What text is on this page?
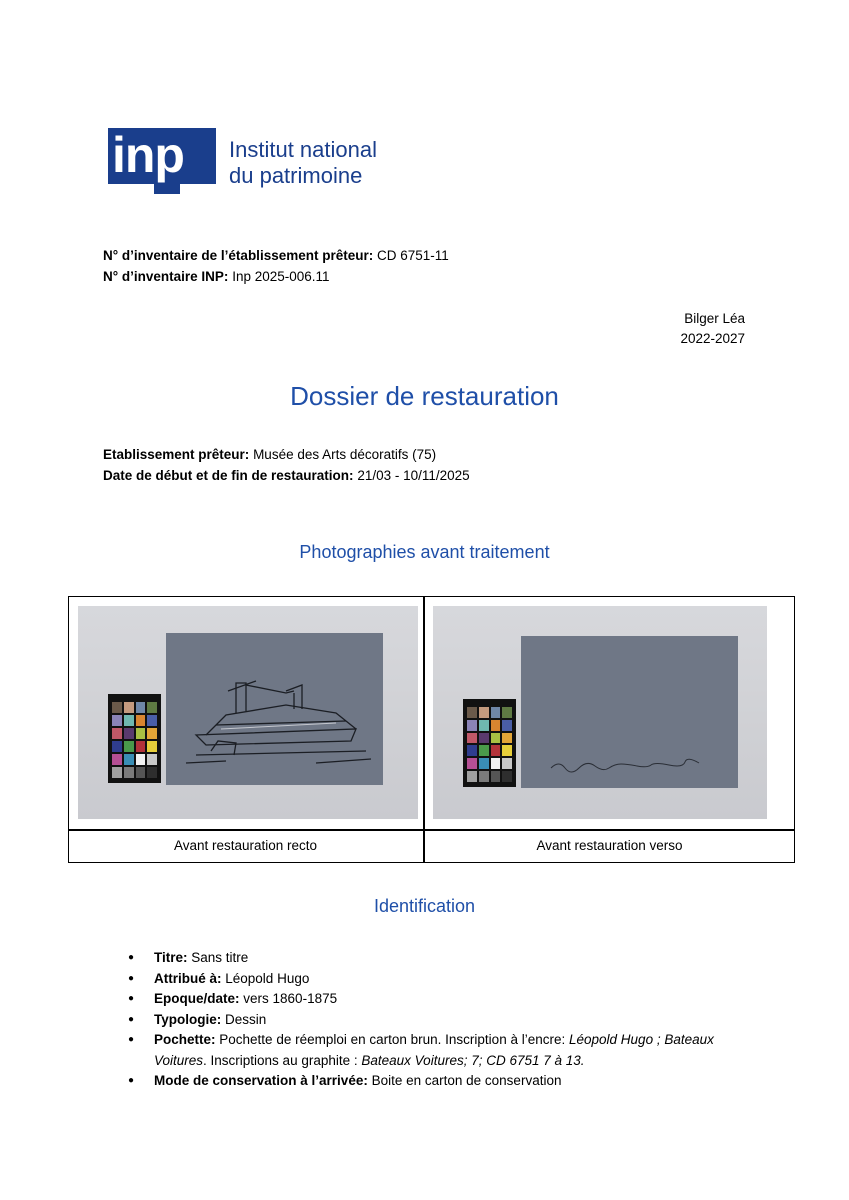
inp Institut national
du patrimoine
N° d’inventaire de l’établissement prêteur: CD 6751-11
N° d’inventaire INP: Inp 2025-006.11
Bilger Léa
2022-2027
Dossier de restauration
Etablissement prêteur: Musée des Arts décoratifs (75)
Date de début et de fin de restauration: 21/03 - 10/11/2025
Photographies avant traitement
Avant restauration recto	Avant restauration verso
Identification
● Titre: Sans titre
● Attribué à: Léopold Hugo
● Epoque/date: vers 1860-1875
● Typologie: Dessin
● Pochette: Pochette de réemploi en carton brun. Inscription à l’encre: Léopold Hugo ; Bateaux Voitures. Inscriptions au graphite : Bateaux Voitures; 7; CD 6751 7 à 13.
● Mode de conservation à l’arrivée: Boite en carton de conservation
